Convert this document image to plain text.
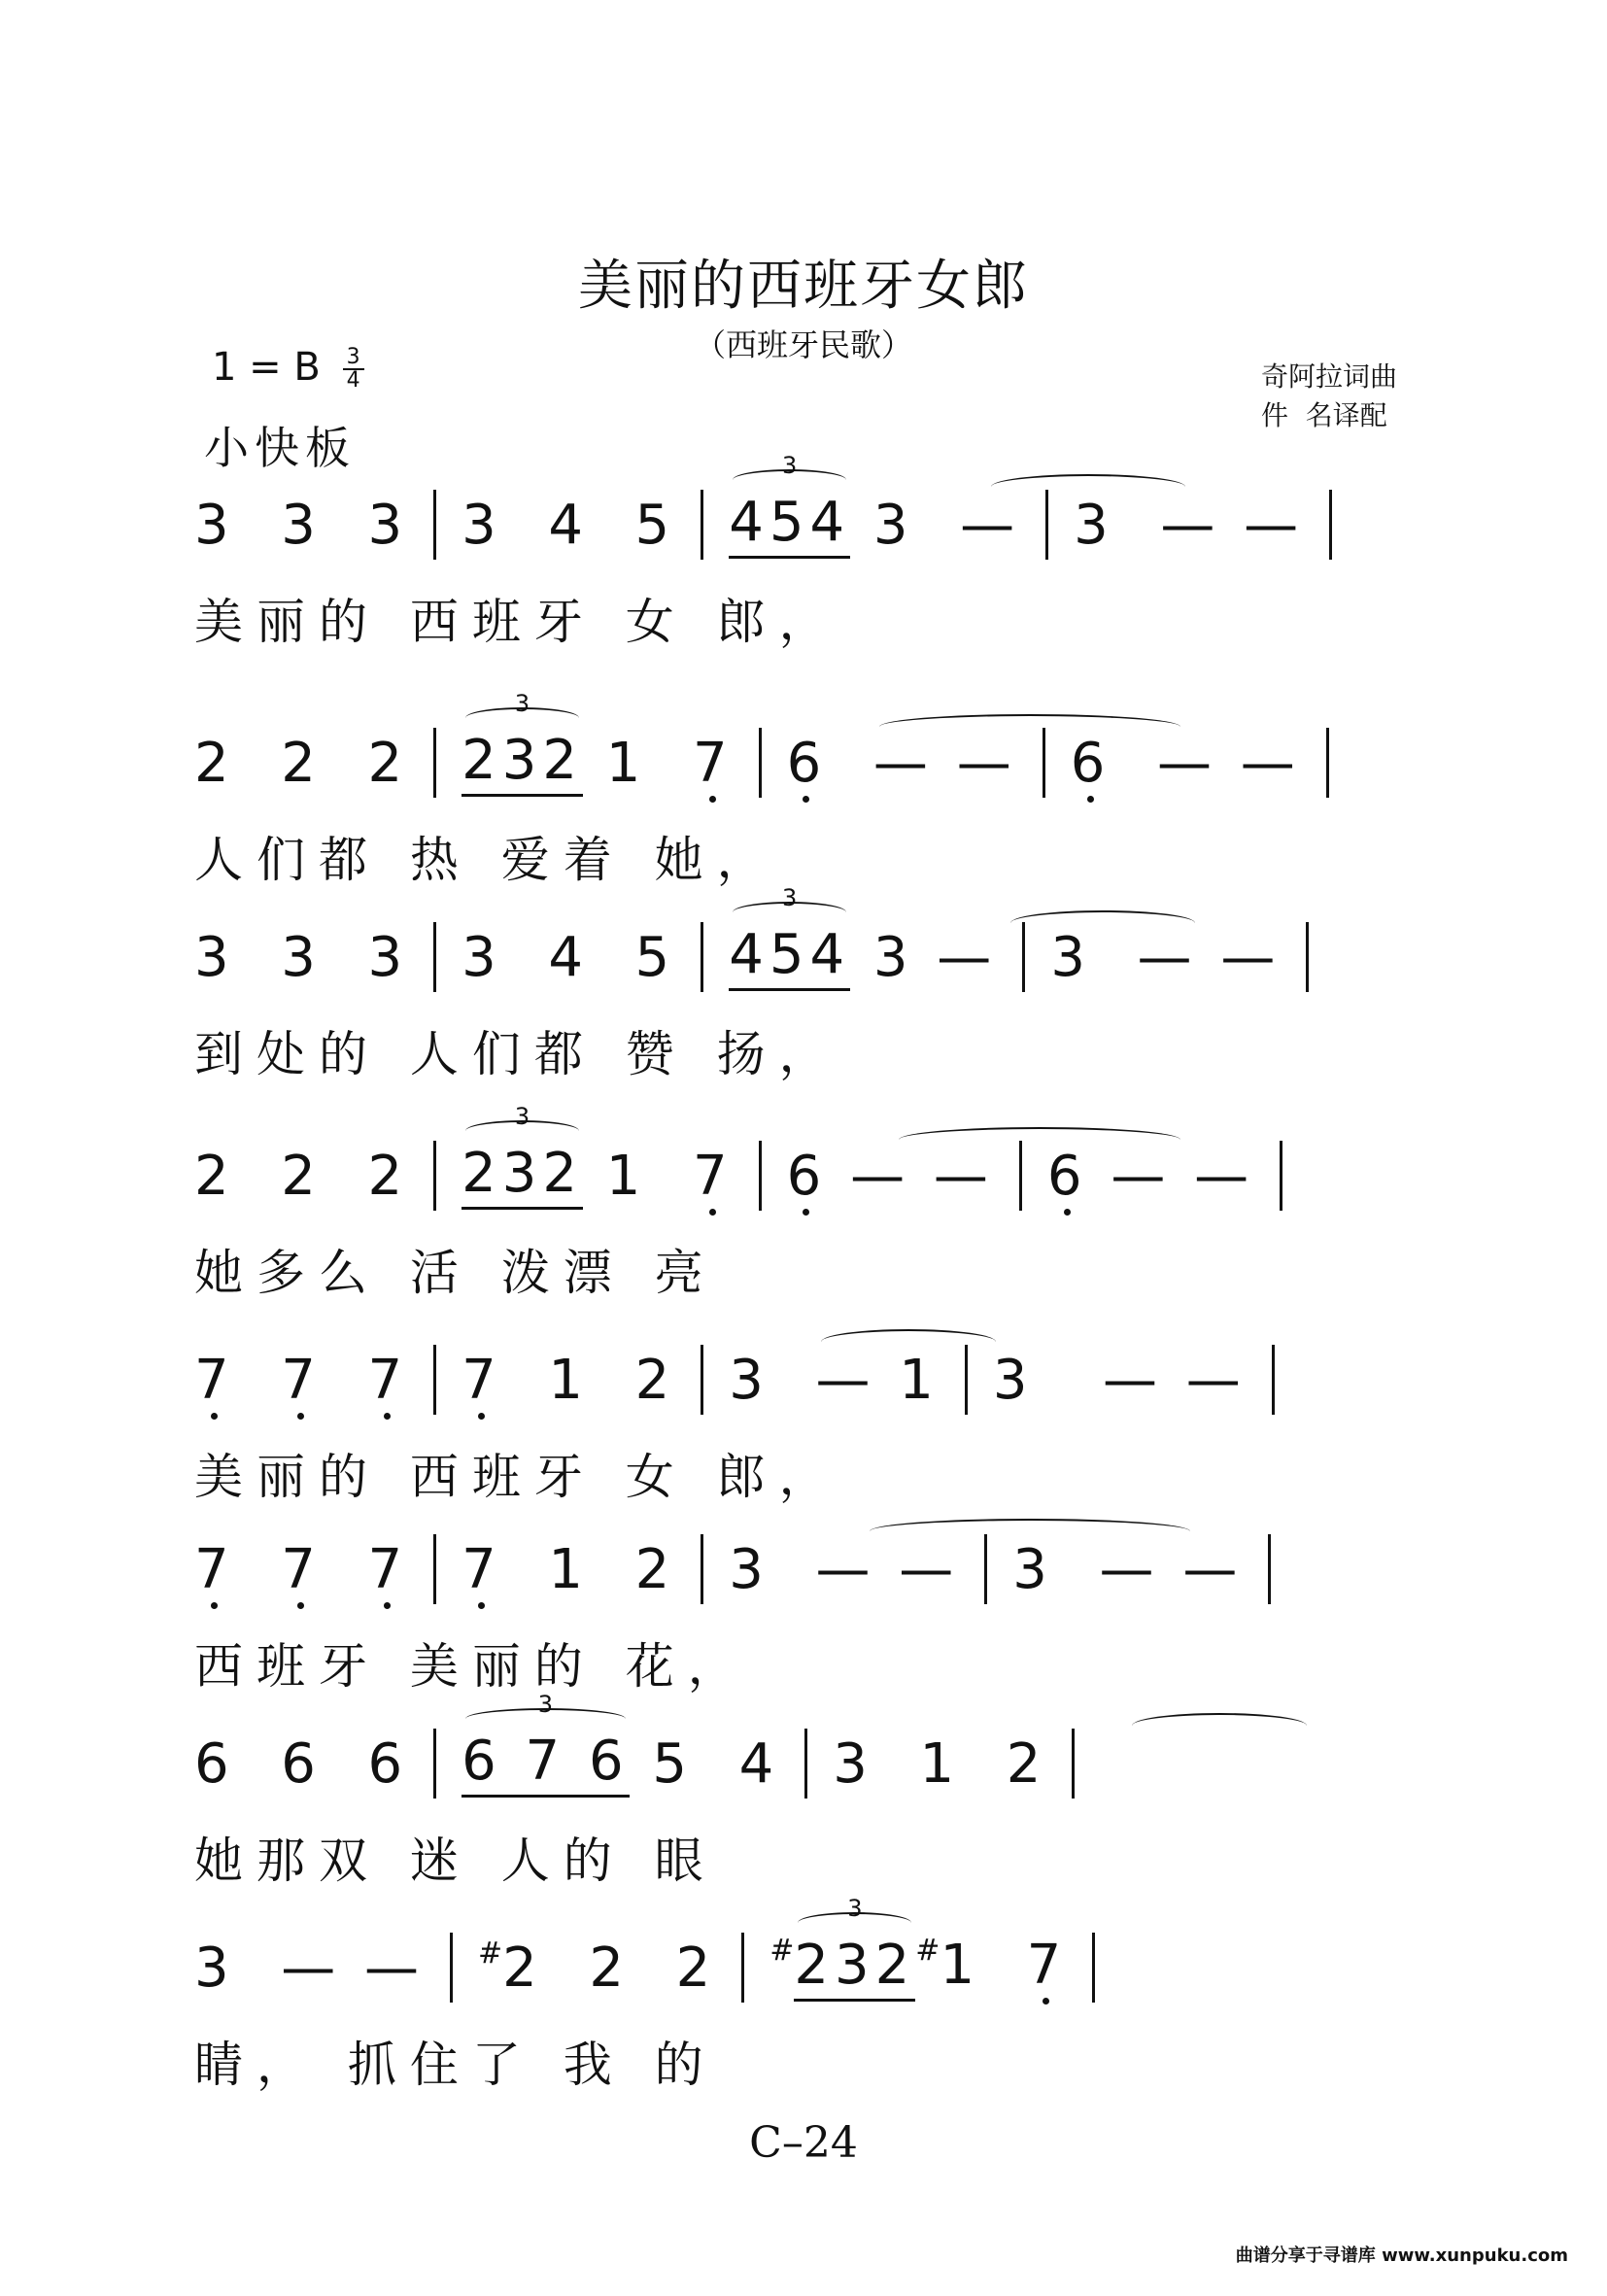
美丽的西班牙女郎
（西班牙民歌）
1 = B $\frac{3}{4}$
小快板
奇阿拉词曲
件  名译配
3  3  3 3  4  5 454
3
3  — 3  — —
美丽的 西班牙 女 郎，
2  2  2 232
3
1 7 6  — — 6  — —
人们都 热 爱着 她，
3  3  3 3  4  5 454
3
3 — 3  — —
到处的 人们都 赞 扬，
2  2  2 232
3
1 7 6 — — 6 — —
她多么 活 泼漂 亮
7 7 7 7  1  2 3  — 1 3   — —
美丽的 西班牙 女 郎，
7 7 7 7  1  2 3  — — 3  — —
西班牙 美丽的 花，
6  6  6 6 7 6
3
5  4 3  1  2
她那双 迷 人的 眼
3  — — #2  2  2 #232
3
#1  7
睛， 抓住了 我 的
C–24
曲谱分享于寻谱库 www.xunpuku.com
